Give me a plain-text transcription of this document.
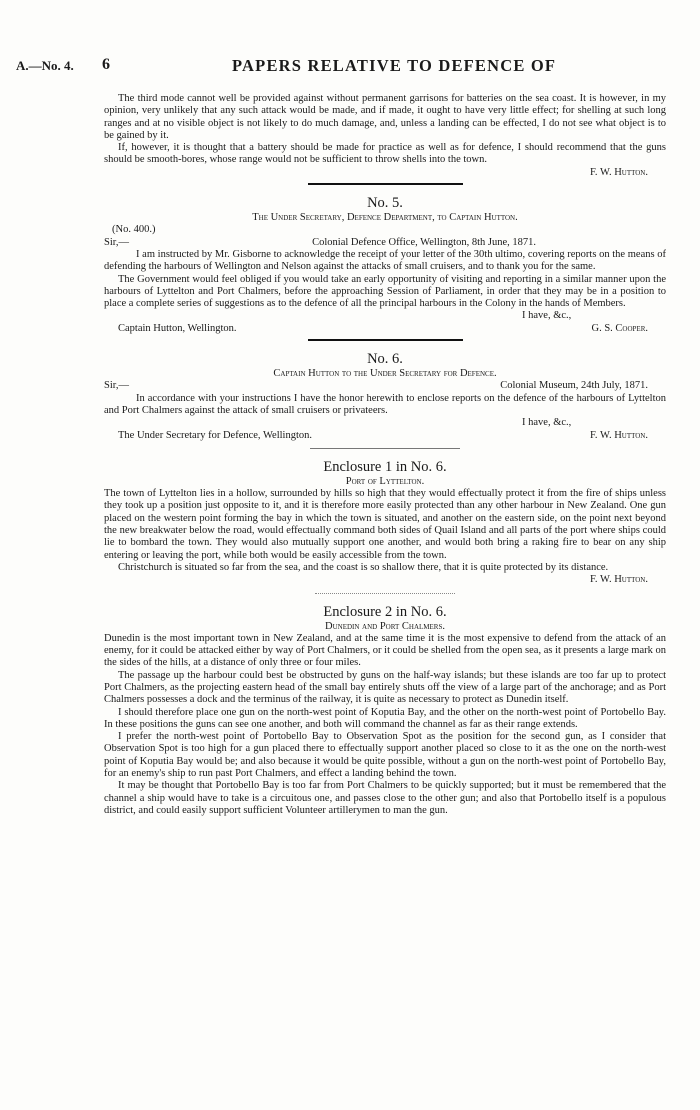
A.—No. 4. 6	PAPERS RELATIVE TO DEFENCE OF

The third mode cannot well be provided against without permanent garrisons for batteries on the sea coast. It is however, in my opinion, very unlikely that any such attack would be made, and if made, it ought to have very little effect; for shelling at such long ranges and at no visible object is not likely to do much damage, and, unless a landing can be effected, I do not see what object is to be gained by it.

If, however, it is thought that a battery should be made for practice as well as for defence, I should recommend that the guns should be smooth-bores, whose range would not be sufficient to throw shells into the town.

F. W. Hutton.

No. 5.

The Under Secretary, Defence Department, to Captain Hutton.

(No. 400.)

Sir,—	Colonial Defence Office, Wellington, 8th June, 1871.

I am instructed by Mr. Gisborne to acknowledge the receipt of your letter of the 30th ultimo, covering reports on the means of defending the harbours of Wellington and Nelson against the attacks of small cruisers, and to thank you for the same.

The Government would feel obliged if you would take an early opportunity of visiting and reporting in a similar manner upon the harbours of Lyttelton and Port Chalmers, before the approaching Session of Parliament, in order that they may be in a position to place a complete series of suggestions as to the defence of all the principal harbours in the Colony in the hands of Members.

I have, &c.,

Captain Hutton, Wellington.	G. S. Cooper.
No. 6.

Captain Hutton to the Under Secretary for Defence.

Sir,—	Colonial Museum, 24th July, 1871.

In accordance with your instructions I have the honor herewith to enclose reports on the defence of the harbours of Lyttelton and Port Chalmers against the attack of small cruisers or privateers.

I have, &c.,

The Under Secretary for Defence, Wellington.	F. W. Hutton.
Enclosure 1 in No. 6.

Port of Lyttelton.

The town of Lyttelton lies in a hollow, surrounded by hills so high that they would effectually protect it from the fire of ships unless they took up a position just opposite to it, and it is therefore more easily protected than any other harbour in New Zealand. One gun placed on the western point forming the bay in which the town is situated, and another on the eastern side, on the point next beyond the new breakwater below the road, would effectually command both sides of Quail Island and all parts of the port where ships could lie to bombard the town. They would also mutually support one another, and would both bring a raking fire to bear on any ship entering or leaving the port, while both would be easily accessible from the town.

Christchurch is situated so far from the sea, and the coast is so shallow there, that it is quite protected by its distance.

F. W. Hutton.

Enclosure 2 in No. 6.

Dunedin and Port Chalmers.

Dunedin is the most important town in New Zealand, and at the same time it is the most expensive to defend from the attack of an enemy, for it could be attacked either by way of Port Chalmers, or it could be shelled from the open sea, as it presents a large mark on the sides of the hills, at a distance of only three or four miles.

The passage up the harbour could best be obstructed by guns on the half-way islands; but these islands are too far up to protect Port Chalmers, as the projecting eastern head of the small bay entirely shuts off the view of a large part of the anchorage; and as Port Chalmers possesses a dock and the terminus of the railway, it is quite as necessary to protect as Dunedin itself.

I should therefore place one gun on the north-west point of Koputia Bay, and the other on the north-west point of Portobello Bay. In these positions the guns can see one another, and both will command the channel as far as their range extends.

I prefer the north-west point of Portobello Bay to Observation Spot as the position for the second gun, as I consider that Observation Spot is too high for a gun placed there to effectually support another placed so close to it as the one on the north-west point of Koputia Bay would be; and also because it would be quite possible, without a gun on the north-west point of Portobello Bay, for an enemy's ship to run past Port Chalmers, and effect a landing behind the town.

It may be thought that Portobello Bay is too far from Port Chalmers to be quickly supported; but it must be remembered that the channel a ship would have to take is a circuitous one, and passes close to the other gun; and also that Portobello itself is a populous district, and could easily support sufficient Volunteer artillerymen to man the gun.
